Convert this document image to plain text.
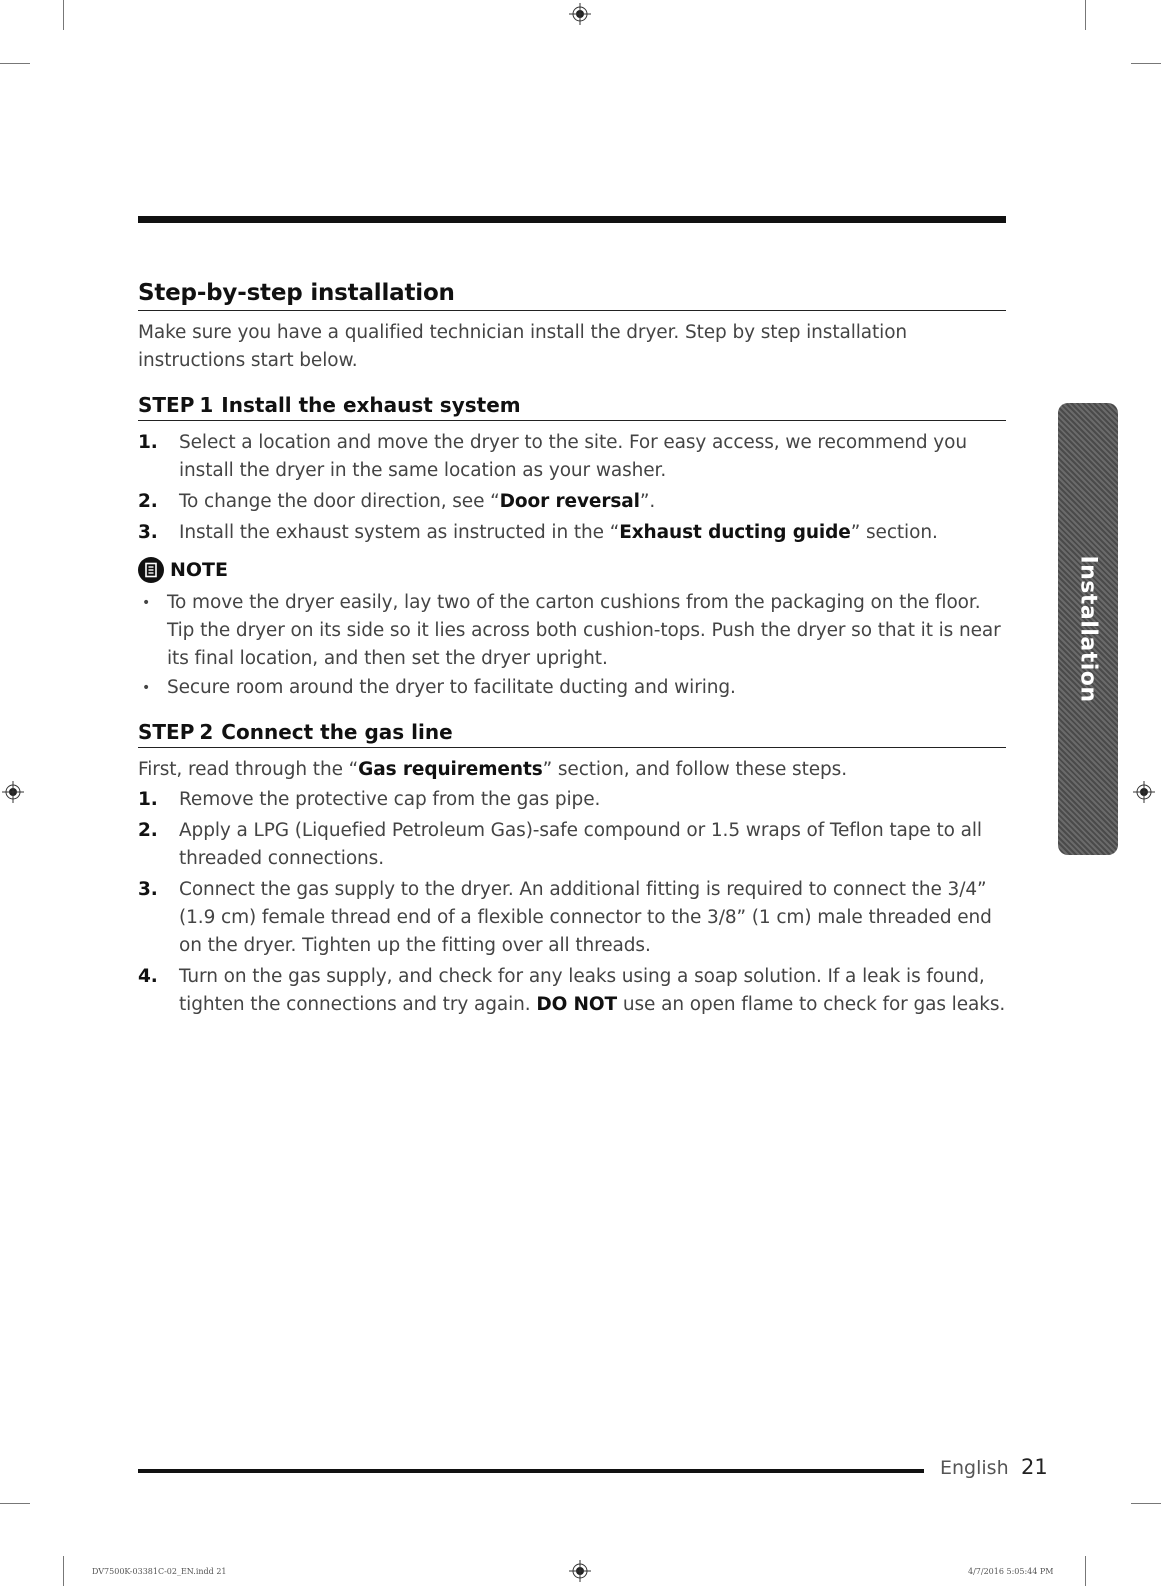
Step-by-step installation

Make sure you have a qualified technician install the dryer. Step by step installation instructions start below.

STEP 1 Install the exhaust system
1. Select a location and move the dryer to the site. For easy access, we recommend you install the dryer in the same location as your washer.
2. To change the door direction, see “Door reversal”.
3. Install the exhaust system as instructed in the “Exhaust ducting guide” section.
NOTE
• To move the dryer easily, lay two of the carton cushions from the packaging on the floor. Tip the dryer on its side so it lies across both cushion-tops. Push the dryer so that it is near its final location, and then set the dryer upright.
• Secure room around the dryer to facilitate ducting and wiring.
STEP 2 Connect the gas line

First, read through the “Gas requirements” section, and follow these steps.

1. Remove the protective cap from the gas pipe.
2. Apply a LPG (Liquefied Petroleum Gas)-safe compound or 1.5 wraps of Teflon tape to all threaded connections.
3. Connect the gas supply to the dryer. An additional fitting is required to connect the 3/4” (1.9 cm) female thread end of a flexible connector to the 3/8” (1 cm) male threaded end on the dryer. Tighten up the fitting over all threads.
4. Turn on the gas supply, and check for any leaks using a soap solution. If a leak is found, tighten the connections and try again. DO NOT use an open flame to check for gas leaks.
Installation
English 21
DV7500K-03381C-02_EN.indd 21	4/7/2016 5:05:44 PM
